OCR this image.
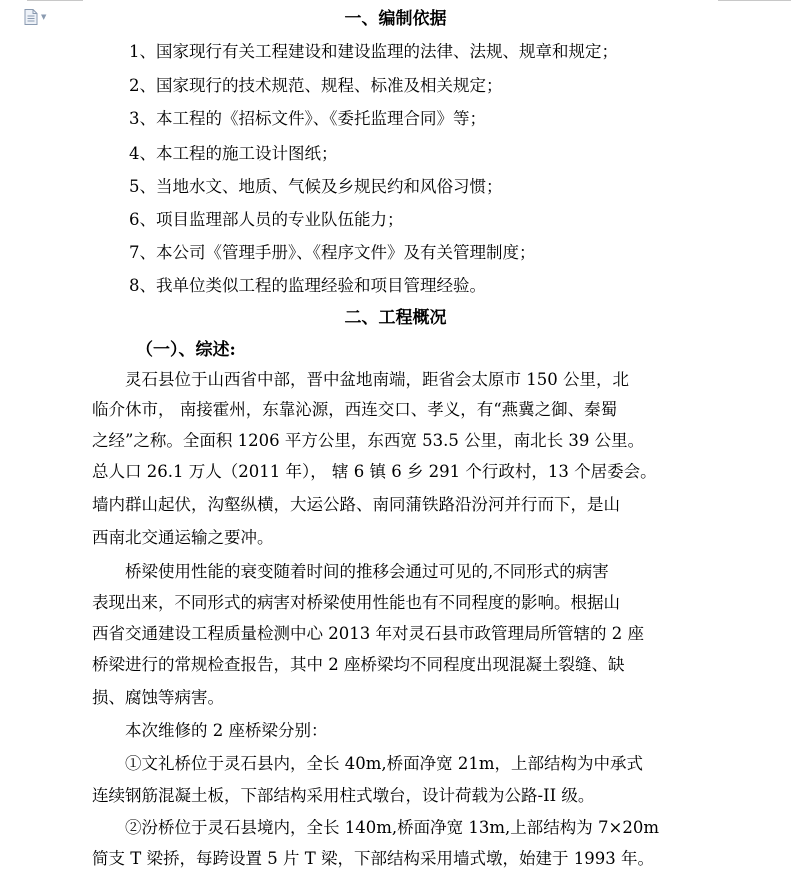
▼	一、编制依据
1、国家现行有关工程建设和建设监理的法律、法规、规章和规定；
2、国家现行的技术规范、规程、标准及相关规定；
3、本工程的《招标文件》、《委托监理合同》等；
4、本工程的施工设计图纸；
5、当地水文、地质、气候及乡规民约和风俗习惯；
6、项目监理部人员的专业队伍能力；
7、本公司《管理手册》、《程序文件》及有关管理制度；
8、我单位类似工程的监理经验和项目管理经验。
二、工程概况
（一）、综述:
灵石县位于山西省中部，晋中盆地南端，距省会太原市 150 公里，北
临介休市， 南接霍州，东靠沁源，西连交口、孝义，有“燕冀之御、秦蜀
之经”之称。全面积 1206 平方公里，东西宽 53.5 公里，南北长 39 公里。
总人口 26.1 万人（2011 年）， 辖 6 镇 6 乡 291 个行政村，13 个居委会。
墙内群山起伏，沟壑纵横，大运公路、南同蒲铁路沿汾河并行而下，是山
西南北交通运输之要冲。
桥梁使用性能的衰变随着时间的推移会通过可见的,不同形式的病害
表现出来，不同形式的病害对桥梁使用性能也有不同程度的影响。根据山
西省交通建设工程质量检测中心 2013 年对灵石县市政管理局所管辖的 2 座
桥梁进行的常规检查报告，其中 2 座桥梁均不同程度出现混凝土裂缝、缺
损、腐蚀等病害。
本次维修的 2 座桥梁分别：
①文礼桥位于灵石县内，全长 40m,桥面净宽 21m，上部结构为中承式
连续钢筋混凝土板，下部结构采用柱式墩台，设计荷载为公路-II 级。
②汾桥位于灵石县境内，全长 140m,桥面净宽 13m,上部结构为 7×20m
简支 T 梁挢，每跨设置 5 片 T 梁，下部结构采用墙式墩，始建于 1993 年。
